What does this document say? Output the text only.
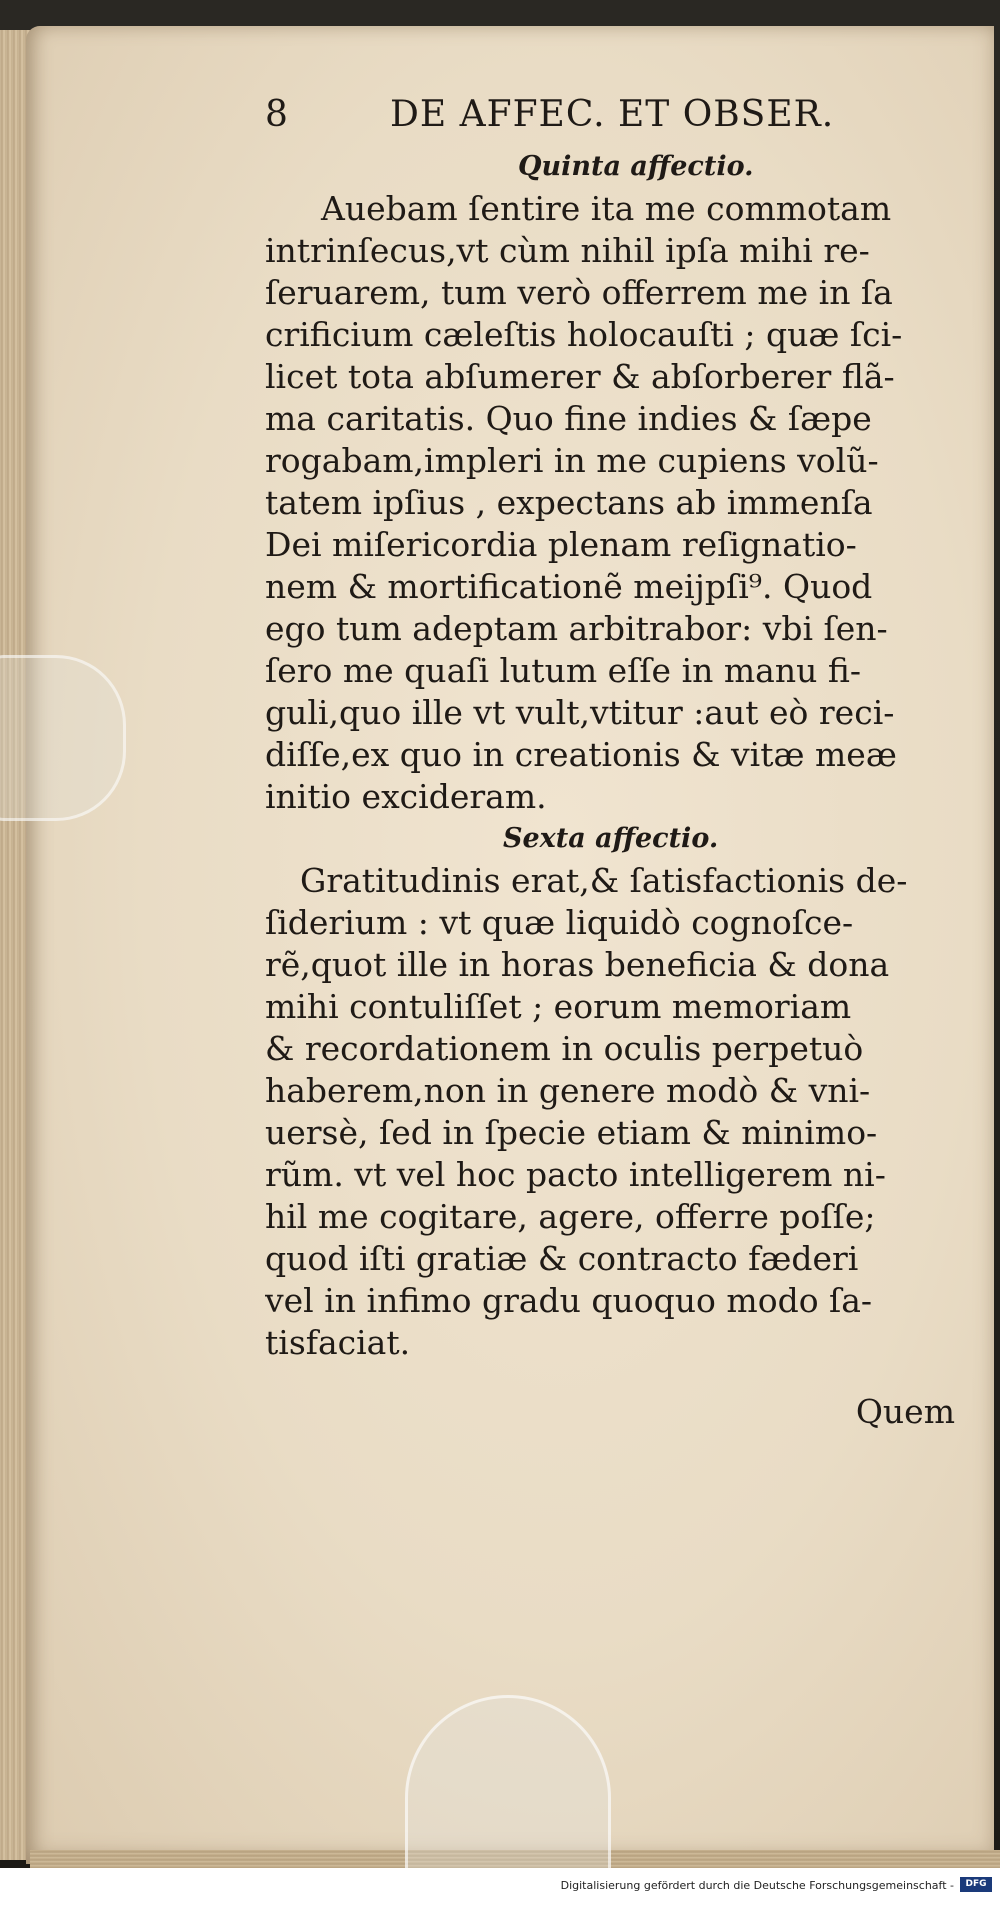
8	DE AFFEC. ET OBSER.
Quinta affectio.
Auebam ſentire ita me commotam
intrinſecus,vt cùm nihil ipſa mihi re-
ſeruarem, tum verò offerrem me in ſa
crificium cæleſtis holocauſti ; quæ ſci-
licet tota abſumerer & abſorberer flã-
ma caritatis. Quo fine indies & ſæpe
rogabam,impleri in me cupiens volũ-
tatem ipſius , expectans ab immenſa
Dei miſericordia plenam reſignatio-
nem & mortificationẽ meijpſi⁹. Quod
ego tum adeptam arbitrabor: vbi ſen-
ſero me quaſi lutum eſſe in manu fi-
guli,quo ille vt vult,vtitur :aut eò reci-
diſſe,ex quo in creationis & vitæ meæ
initio excideram.
Sexta affectio.
Gratitudinis erat,& ſatisfactionis de-
ſiderium : vt quæ liquidò cognoſce-
rẽ,quot ille in horas beneficia & dona
mihi contuliſſet ; eorum memoriam
& recordationem in oculis perpetuò
haberem,non in genere modò & vni-
uersè, ſed in ſpecie etiam & minimo-
rũm. vt vel hoc pacto intelligerem ni-
hil me cogitare, agere, offerre poſſe;
quod iſti gratiæ & contracto fæderi
vel in infimo gradu quoquo modo ſa-
tisfaciat.
Quem
Digitalisierung gefördert durch die Deutsche Forschungsgemeinschaft -	DFG
